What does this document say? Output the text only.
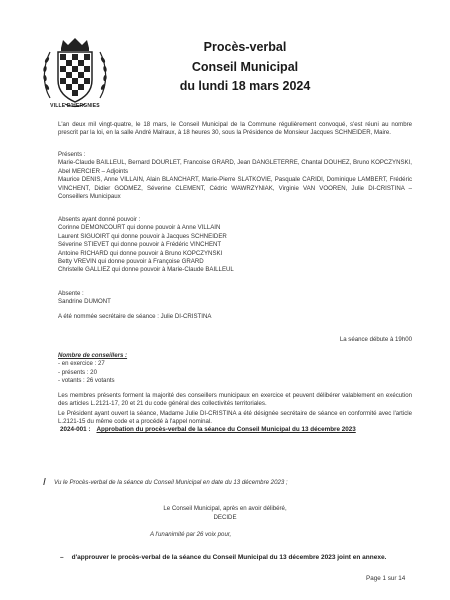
VILLE D'HERGNIES
Procès-verbal
Conseil Municipal
du lundi 18 mars 2024
L'an deux mil vingt-quatre, le 18 mars, le Conseil Municipal de la Commune régulièrement convoqué, s'est réuni au nombre prescrit par la loi, en la salle André Malraux, à 18 heures 30, sous la Présidence de Monsieur Jacques SCHNEIDER, Maire.

Présents :

Marie-Claude BAILLEUL, Bernard DOURLET, Francoise GRARD, Jean DANGLETERRE, Chantal DOUHEZ, Bruno KOPCZYNSKI, Abel MERCIER – Adjoints

Maurice DENIS, Anne VILLAIN, Alain BLANCHART, Marie-Pierre SLATKOVIE, Pasquale CARIDI, Dominique LAMBERT, Frédéric VINCHENT, Didier GODMEZ, Séverine CLEMENT, Cédric WAWRZYNIAK, Virginie VAN VOOREN, Julie DI-CRISTINA – Conseillers Municipaux

Absents ayant donné pouvoir :

Corinne DEMONCOURT qui donne pouvoir à Anne VILLAIN
Laurent SIGUOIRT qui donne pouvoir à Jacques SCHNEIDER
Séverine STIEVET qui donne pouvoir à Frédéric VINCHENT
Antoine RICHARD qui donne pouvoir à Bruno KOPCZYNSKI
Betty VREVIN qui donne pouvoir à Françoise GRARD
Christelle GALLIEZ qui donne pouvoir à Marie-Claude BAILLEUL

Absente :

Sandrine DUMONT

A été nommée secrétaire de séance : Julie DI-CRISTINA
La séance débute à 19h00

Nombre de conseillers :

- en exercice : 27
- présents : 20
- votants : 26 votants
Les membres présents forment la majorité des conseillers municipaux en exercice et peuvent délibérer valablement en exécution des articles L.2121-17, 20 et 21 du code général des collectivités territoriales.
Le Président ayant ouvert la séance, Madame Julie DI-CRISTINA a été désignée secrétaire de séance en conformité avec l'article L.2121-15 du même code et a procédé à l'appel nominal.
2024-001 : Approbation du procès-verbal de la séance du Conseil Municipal du 13 décembre 2023
Vu le Procès-verbal de la séance du Conseil Municipal en date du 13 décembre 2023 ;
Le Conseil Municipal, après en avoir délibéré,
DECIDE
A l'unanimité par 26 voix pour,
– d'approuver le procès-verbal de la séance du Conseil Municipal du 13 décembre 2023 joint en annexe.
Page 1 sur 14
